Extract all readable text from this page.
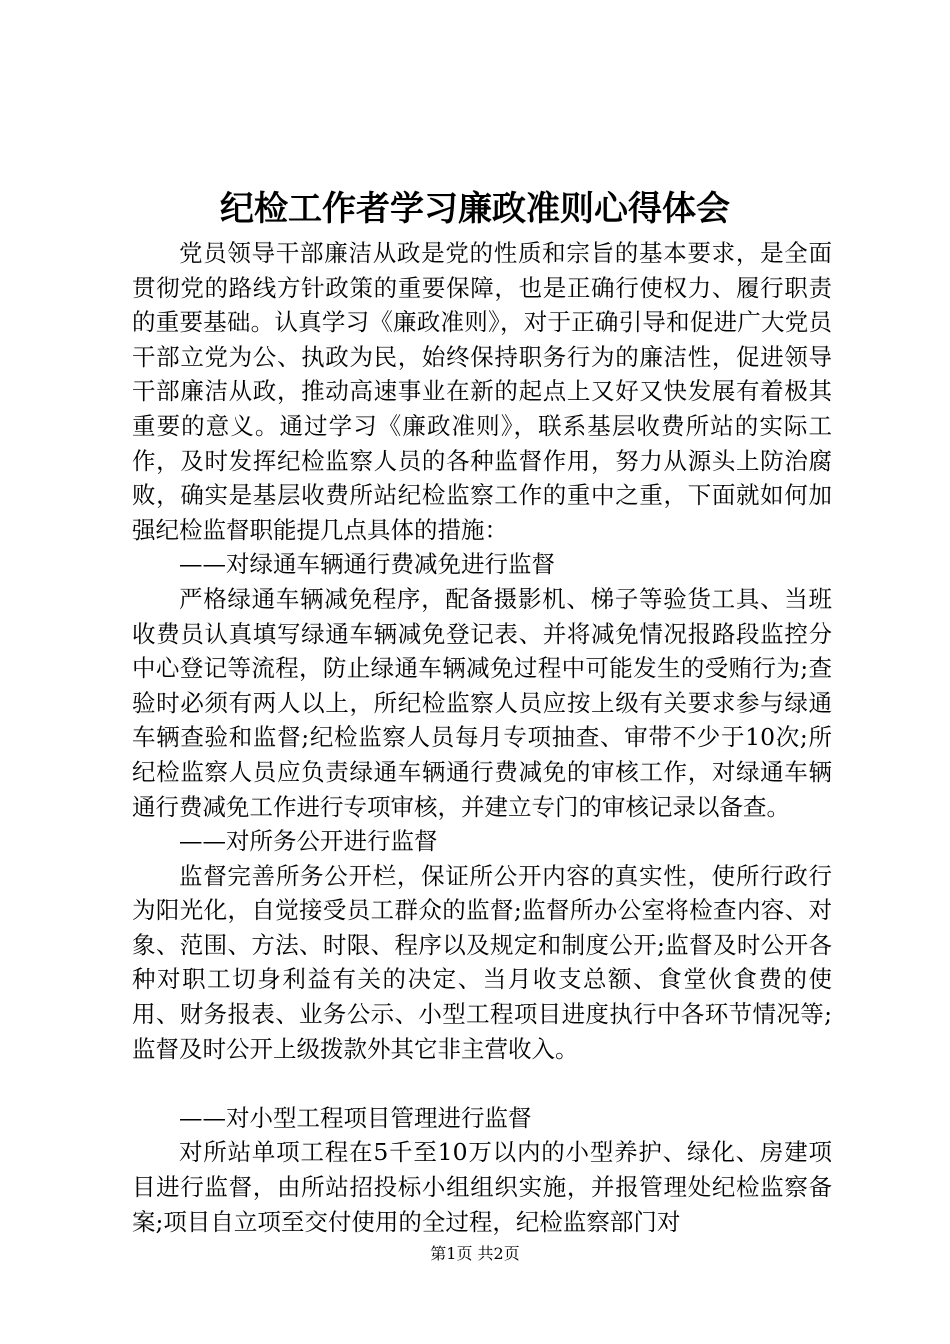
纪检工作者学习廉政准则心得体会

党员领导干部廉洁从政是党的性质和宗旨的基本要求，是全面贯彻党的路线方针政策的重要保障，也是正确行使权力、履行职责的重要基础。认真学习《廉政准则》，对于正确引导和促进广大党员干部立党为公、执政为民，始终保持职务行为的廉洁性，促进领导干部廉洁从政，推动高速事业在新的起点上又好又快发展有着极其重要的意义。通过学习《廉政准则》，联系基层收费所站的实际工作，及时发挥纪检监察人员的各种监督作用，努力从源头上防治腐败，确实是基层收费所站纪检监察工作的重中之重，下面就如何加强纪检监督职能提几点具体的措施：

——对绿通车辆通行费减免进行监督

严格绿通车辆减免程序，配备摄影机、梯子等验货工具、当班收费员认真填写绿通车辆减免登记表、并将减免情况报路段监控分中心登记等流程，防止绿通车辆减免过程中可能发生的受贿行为;查验时必须有两人以上，所纪检监察人员应按上级有关要求参与绿通车辆查验和监督;纪检监察人员每月专项抽查、审带不少于10次;所纪检监察人员应负责绿通车辆通行费减免的审核工作，对绿通车辆通行费减免工作进行专项审核，并建立专门的审核记录以备查。

——对所务公开进行监督

监督完善所务公开栏，保证所公开内容的真实性，使所行政行为阳光化，自觉接受员工群众的监督;监督所办公室将检查内容、对象、范围、方法、时限、程序以及规定和制度公开;监督及时公开各种对职工切身利益有关的决定、当月收支总额、食堂伙食费的使用、财务报表、业务公示、小型工程项目进度执行中各环节情况等;监督及时公开上级拨款外其它非主营收入。

——对小型工程项目管理进行监督

对所站单项工程在5千至10万以内的小型养护、绿化、房建项目进行监督，由所站招投标小组组织实施，并报管理处纪检监察备案;项目自立项至交付使用的全过程，纪检监察部门对

第1页 共2页
